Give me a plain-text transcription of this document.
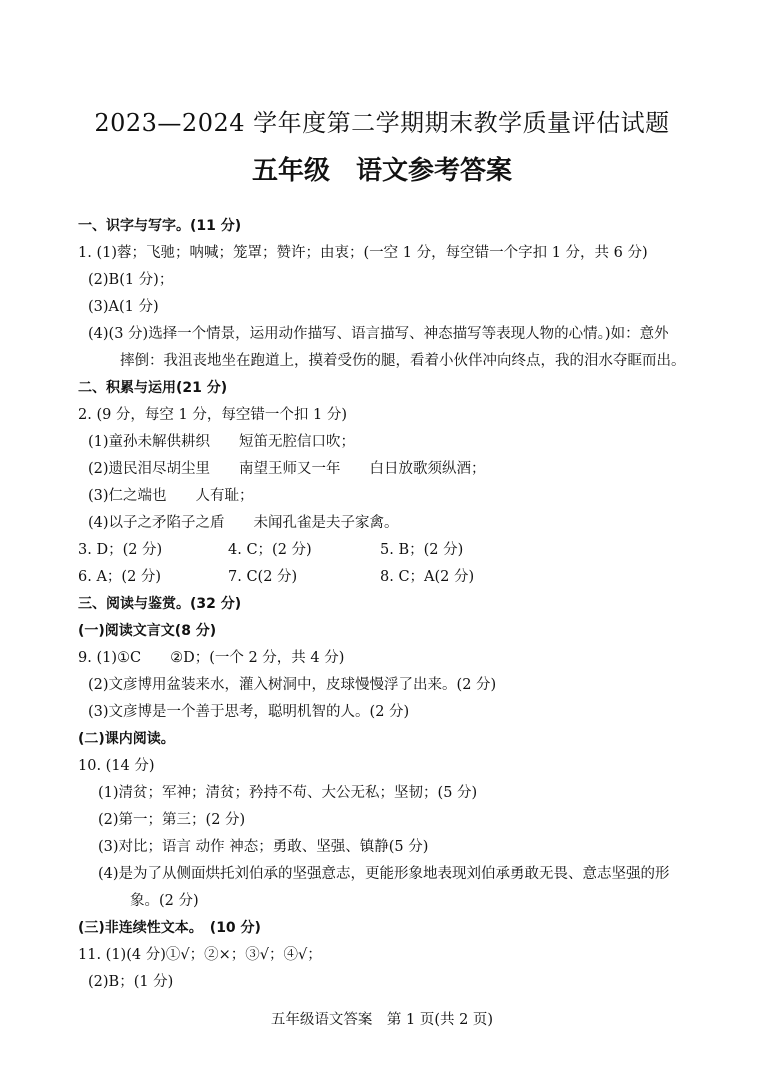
2023—2024 学年度第二学期期末教学质量评估试题
五年级　语文参考答案
一、识字与写字。(11 分)
1. (1)蓉；飞驰；呐喊；笼罩；赞许；由衷；(一空 1 分，每空错一个字扣 1 分，共 6 分)
(2)B(1 分)；
(3)A(1 分)
(4)(3 分)选择一个情景，运用动作描写、语言描写、神态描写等表现人物的心情。)如：意外
摔倒：我沮丧地坐在跑道上，摸着受伤的腿，看着小伙伴冲向终点，我的泪水夺眶而出。
二、积累与运用(21 分)
2. (9 分，每空 1 分，每空错一个扣 1 分)
(1)童孙未解供耕织　　短笛无腔信口吹；
(2)遗民泪尽胡尘里　　南望王师又一年　　白日放歌须纵酒；
(3)仁之端也　　人有耻；
(4)以子之矛陷子之盾　　未闻孔雀是夫子家禽。
3. D；(2 分)	4. C；(2 分)	5. B；(2 分)
6. A；(2 分)	7. C(2 分)	8. C；A(2 分)
三、阅读与鉴赏。(32 分)
(一)阅读文言文(8 分)
9. (1)①C　　②D；(一个 2 分，共 4 分)
(2)文彦博用盆装来水，灌入树洞中，皮球慢慢浮了出来。(2 分)
(3)文彦博是一个善于思考，聪明机智的人。(2 分)
(二)课内阅读。
10. (14 分)
(1)清贫；军神；清贫；矜持不苟、大公无私；坚韧；(5 分)
(2)第一；第三；(2 分)
(3)对比；语言 动作 神态；勇敢、坚强、镇静(5 分)
(4)是为了从侧面烘托刘伯承的坚强意志，更能形象地表现刘伯承勇敢无畏、意志坚强的形
象。(2 分)
(三)非连续性文本。　(10 分)
11. (1)(4 分)①√；②×；③√；④√；
(2)B；(1 分)
五年级语文答案　第 1 页(共 2 页)
